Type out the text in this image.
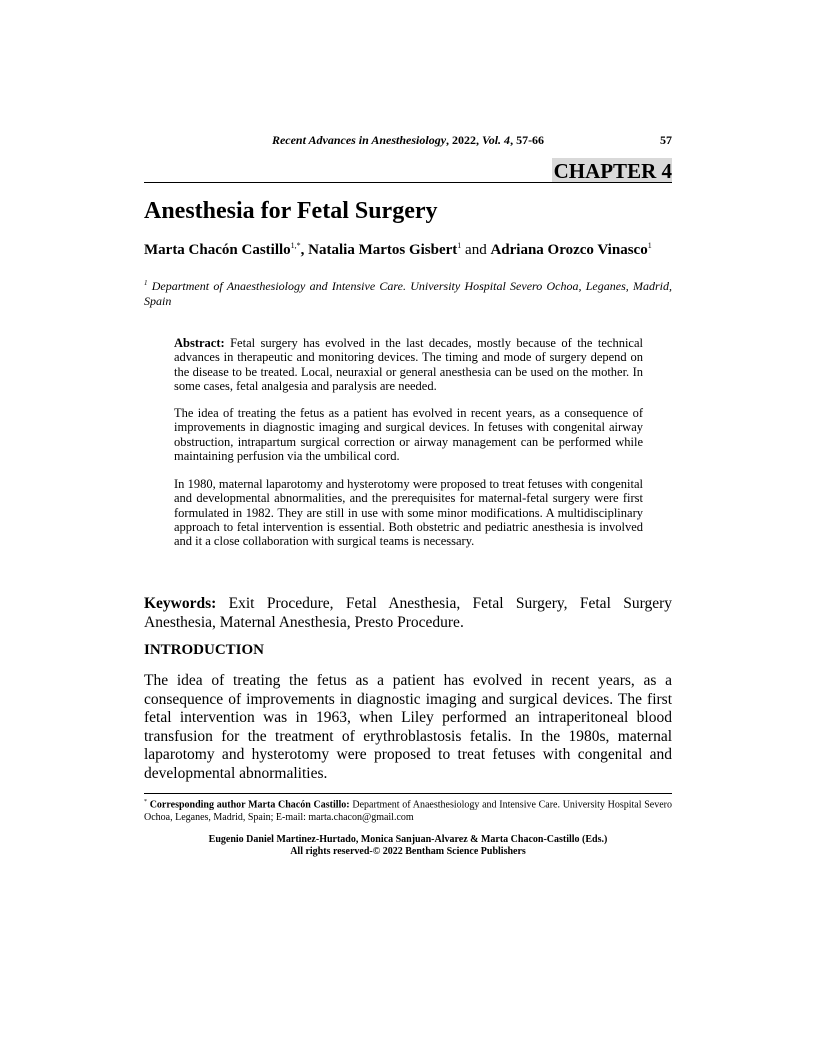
Recent Advances in Anesthesiology, 2022, Vol. 4, 57-66	57
CHAPTER 4
Anesthesia for Fetal Surgery
Marta Chacón Castillo$^{1,*}$, Natalia Martos Gisbert$^1$ and Adriana Orozco Vinasco$^1$
$^1$ Department of Anaesthesiology and Intensive Care. University Hospital Severo Ochoa, Leganes, Madrid, Spain
Abstract: Fetal surgery has evolved in the last decades, mostly because of the technical advances in therapeutic and monitoring devices. The timing and mode of surgery depend on the disease to be treated. Local, neuraxial or general anesthesia can be used on the mother. In some cases, fetal analgesia and paralysis are needed.
The idea of treating the fetus as a patient has evolved in recent years, as a consequence of improvements in diagnostic imaging and surgical devices. In fetuses with congenital airway obstruction, intrapartum surgical correction or airway management can be performed while maintaining perfusion via the umbilical cord.
In 1980, maternal laparotomy and hysterotomy were proposed to treat fetuses with congenital and developmental abnormalities, and the prerequisites for maternal-fetal surgery were first formulated in 1982. They are still in use with some minor modifications. A multidisciplinary approach to fetal intervention is essential. Both obstetric and pediatric anesthesia is involved and it a close collaboration with surgical teams is necessary.
Keywords: Exit Procedure, Fetal Anesthesia, Fetal Surgery, Fetal Surgery Anesthesia, Maternal Anesthesia, Presto Procedure.
INTRODUCTION
The idea of treating the fetus as a patient has evolved in recent years, as a consequence of improvements in diagnostic imaging and surgical devices. The first fetal intervention was in 1963, when Liley performed an intraperitoneal blood transfusion for the treatment of erythroblastosis fetalis. In the 1980s, maternal laparotomy and hysterotomy were proposed to treat fetuses with congenital and developmental abnormalities.
* Corresponding author Marta Chacón Castillo: Department of Anaesthesiology and Intensive Care. University Hospital Severo Ochoa, Leganes, Madrid, Spain; E-mail: marta.chacon@gmail.com
Eugenio Daniel Martinez-Hurtado, Monica Sanjuan-Alvarez & Marta Chacon-Castillo (Eds.)
All rights reserved-© 2022 Bentham Science Publishers
